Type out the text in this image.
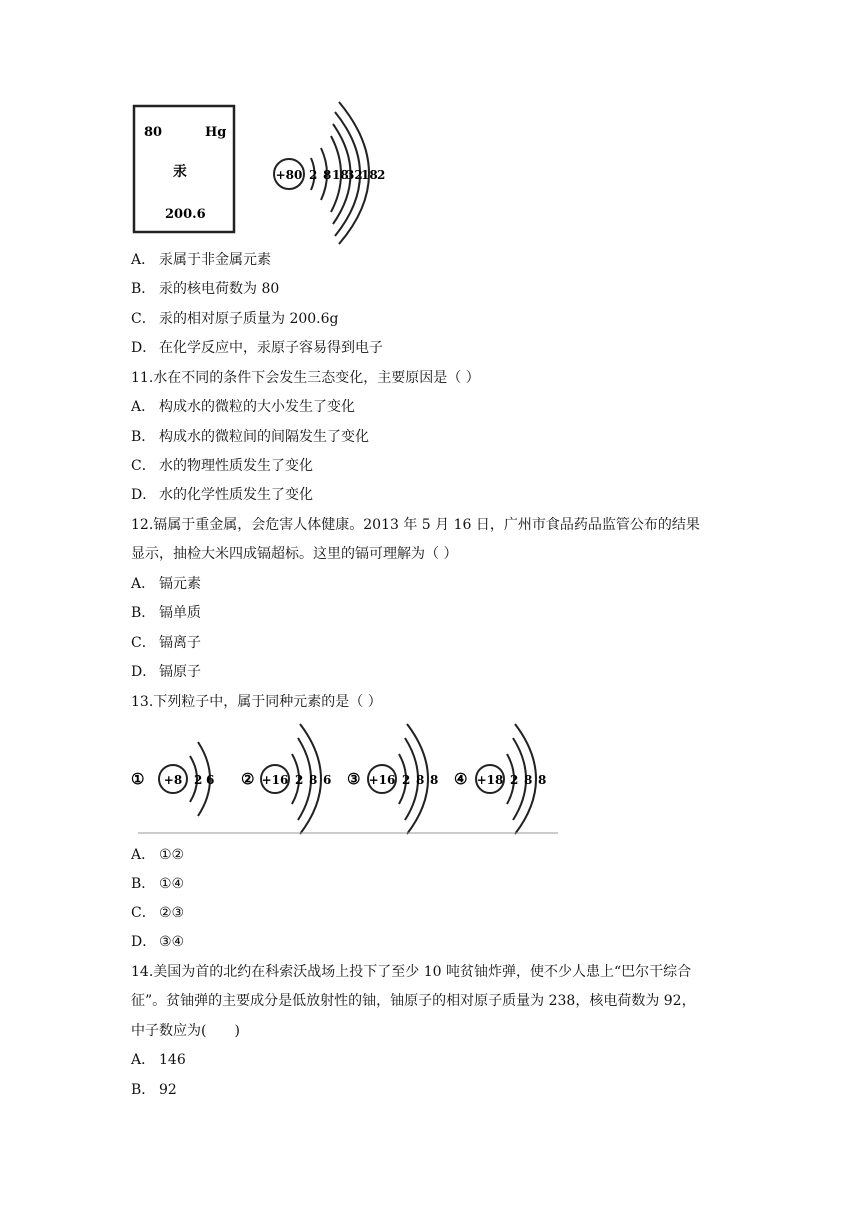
80	Hg
汞
200.6
+80 2 8 18
32
18 2
A． 汞属于非金属元素
B． 汞的核电荷数为 80
C． 汞的相对原子质量为 200.6g
D． 在化学反应中，汞原子容易得到电子
11.水在不同的条件下会发生三态变化，主要原因是（ ）
A． 构成水的微粒的大小发生了变化
B． 构成水的微粒间的间隔发生了变化
C． 水的物理性质发生了变化
D． 水的化学性质发生了变化
12.镉属于重金属，会危害人体健康。2013 年 5 月 16 日，广州市食品药品监管公布的结果
显示，抽检大米四成镉超标。这里的镉可理解为（ ）
A． 镉元素
B． 镉单质
C． 镉离子
D． 镉原子
13.下列粒子中，属于同种元素的是（ ）
① +8 2 6 ② +16 2 8 6 ③ +16 2 8 8 ④ +18 2 8 8
A． ①②
B． ①④
C． ②③
D． ③④
14.美国为首的北约在科索沃战场上投下了至少 10 吨贫铀炸弹，使不少人患上“巴尔干综合
征”。贫铀弹的主要成分是低放射性的铀，铀原子的相对原子质量为 238，核电荷数为 92，
中子数应为(　　)
A． 146
B． 92
